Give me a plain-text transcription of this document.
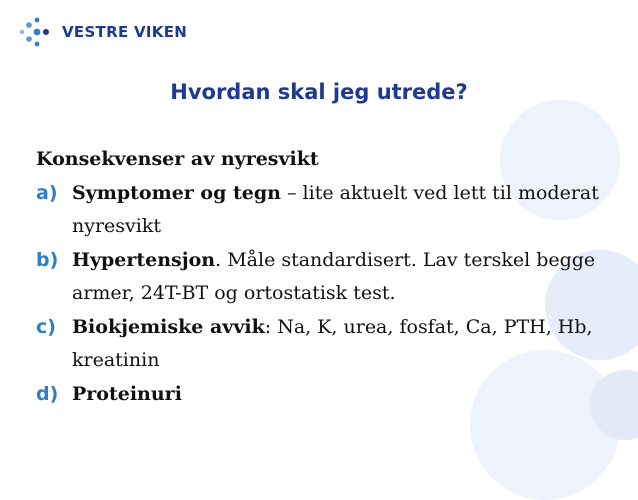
VESTRE VIKEN
Hvordan skal jeg utrede?

Konsekvenser av nyresvikt

a) Symptomer og tegn – lite aktuelt ved lett til moderat nyresvikt
b) Hypertensjon. Måle standardisert. Lav terskel begge armer, 24T-BT og ortostatisk test.
c) Biokjemiske avvik: Na, K, urea, fosfat, Ca, PTH, Hb, kreatinin
d) Proteinuri
